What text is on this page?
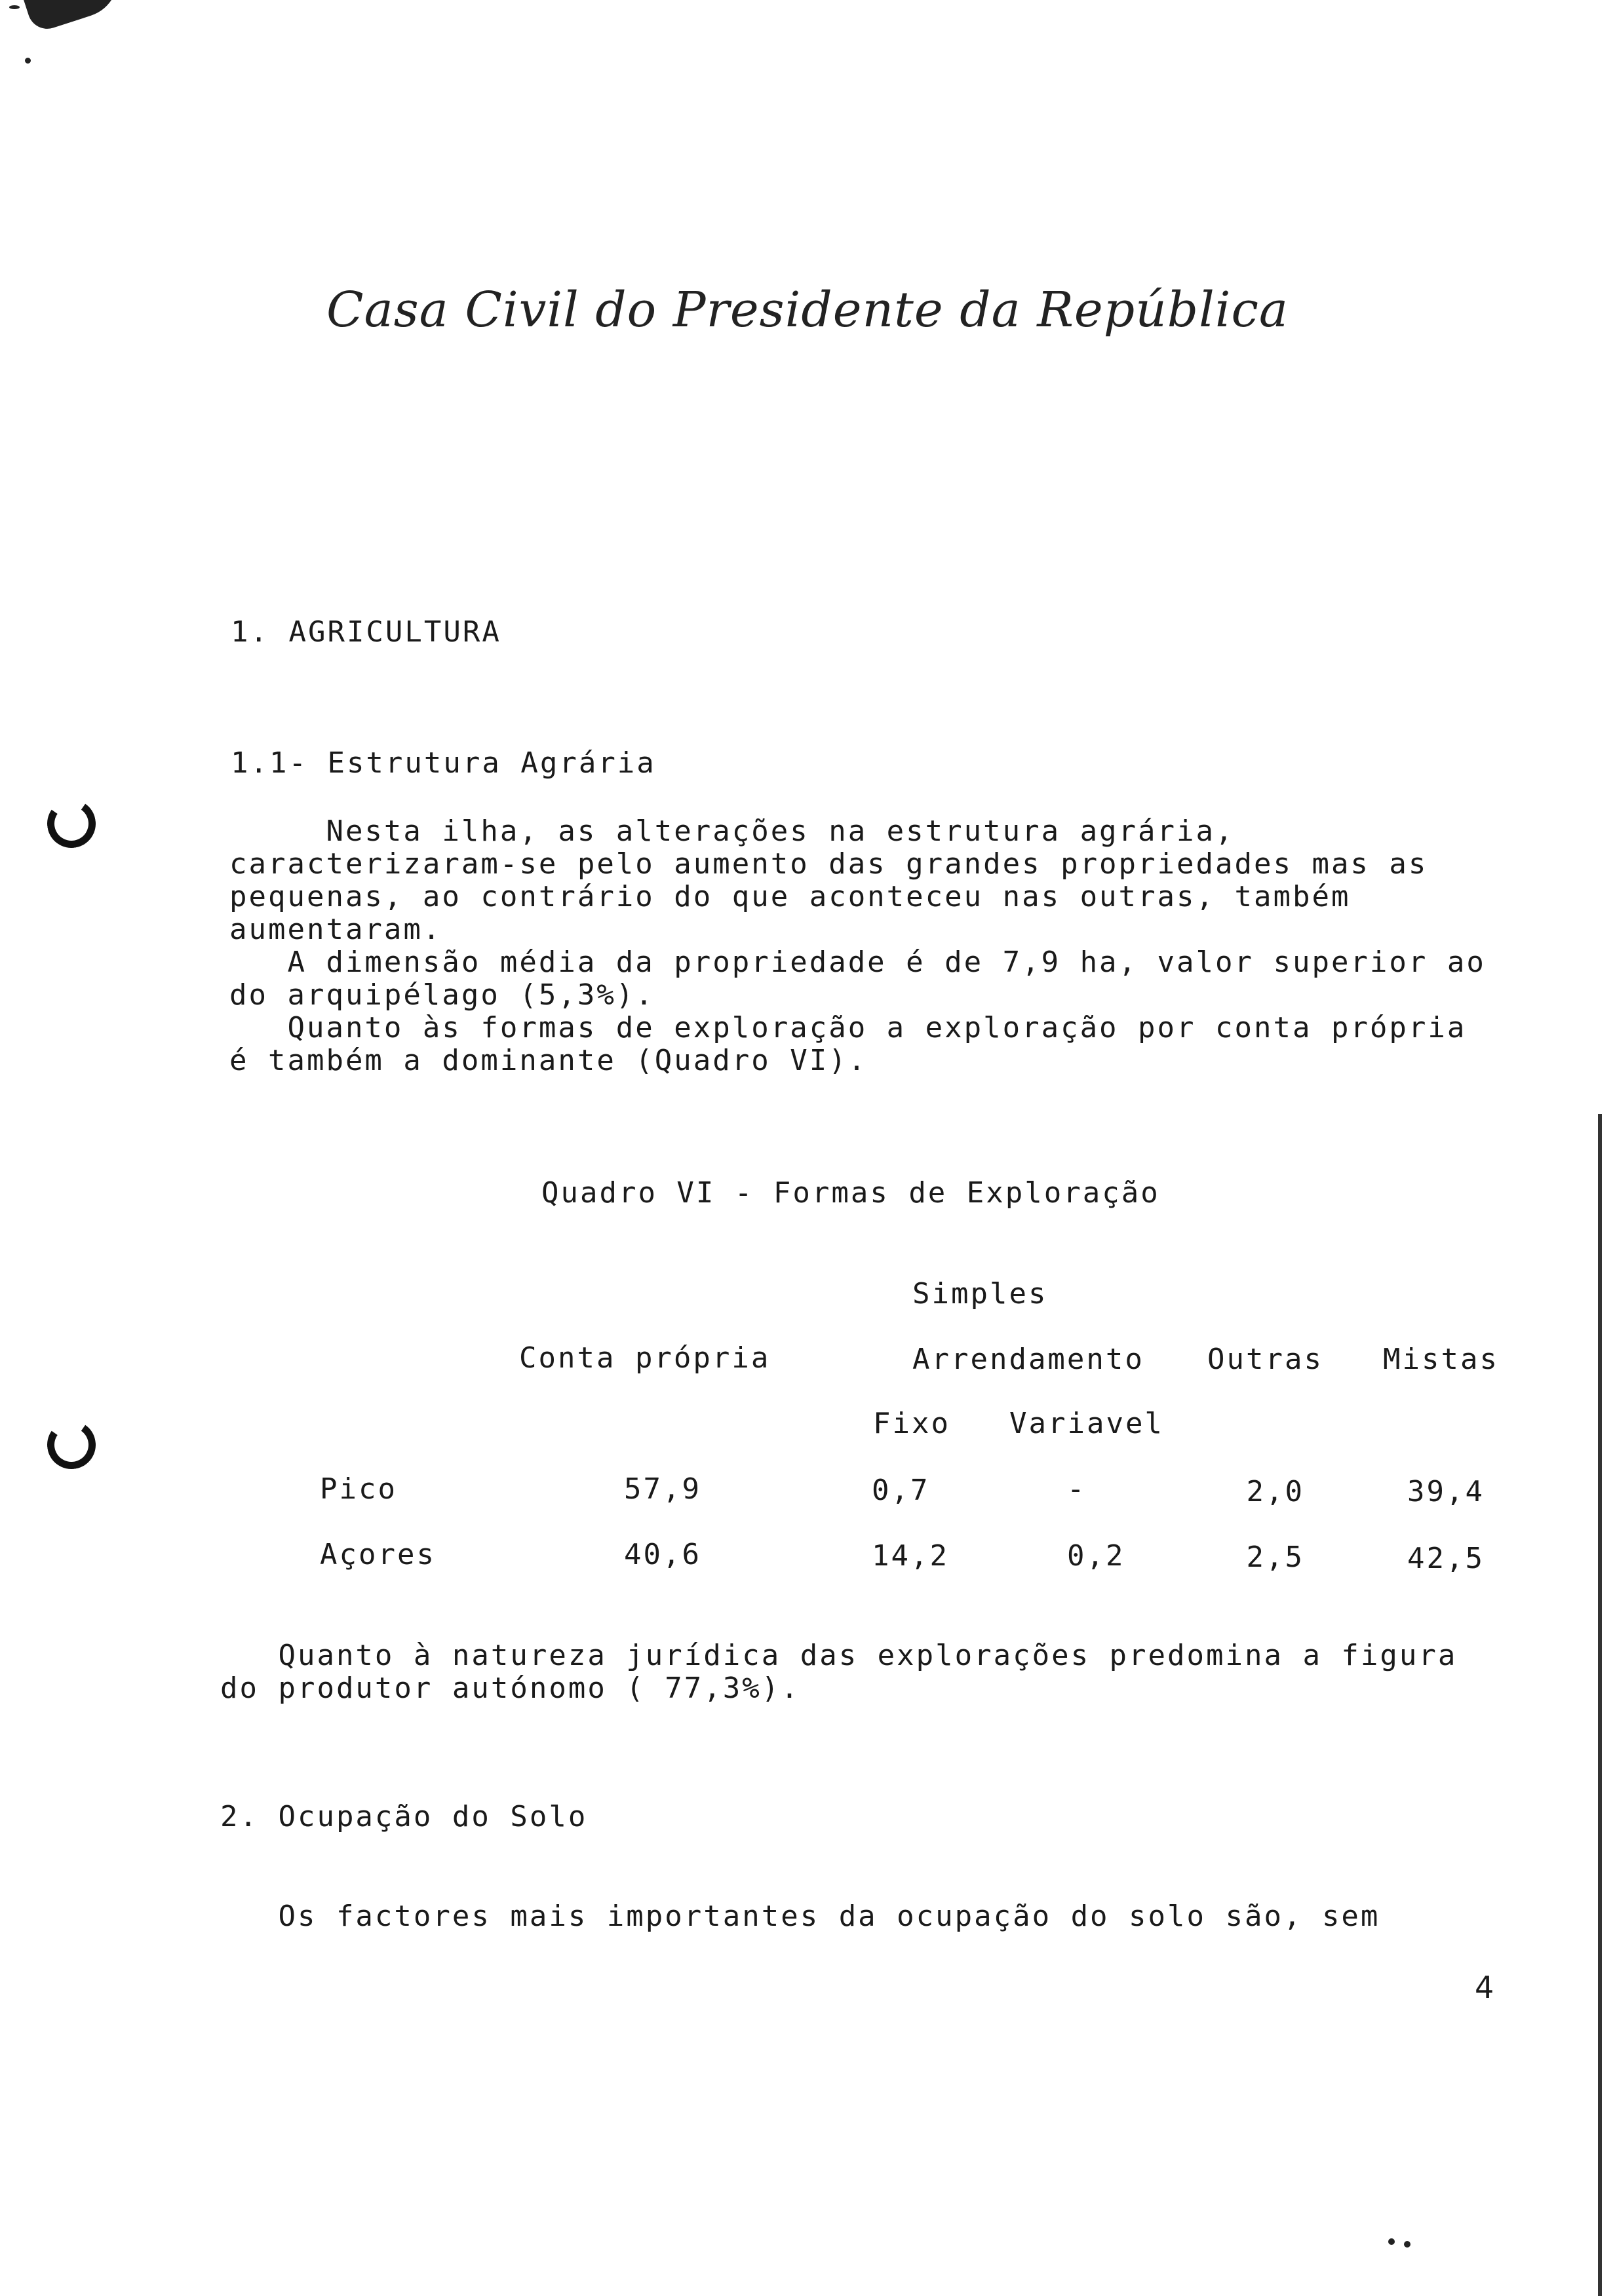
Casa Civil do Presidente da República
1. AGRICULTURA
1.1- Estrutura Agrária
Nesta ilha, as alterações na estrutura agrária,
caracterizaram-se pelo aumento das grandes propriedades mas as
pequenas, ao contrário do que aconteceu nas outras, também
aumentaram.
A dimensão média da propriedade é de 7,9 ha, valor superior ao
do arquipélago (5,3%).
Quanto às formas de exploração a exploração por conta própria
é também a dominante (Quadro VI).
Quadro VI - Formas de Exploração
Simples
Conta própria	Arrendamento Outras Mistas
Fixo Variavel
Pico	57,9	0,7	-	2,0	39,4
Açores	40,6	14,2	0,2	2,5	42,5
Quanto à natureza jurídica das explorações predomina a figura
do produtor autónomo ( 77,3%).
2. Ocupação do Solo
Os factores mais importantes da ocupação do solo são, sem
4
